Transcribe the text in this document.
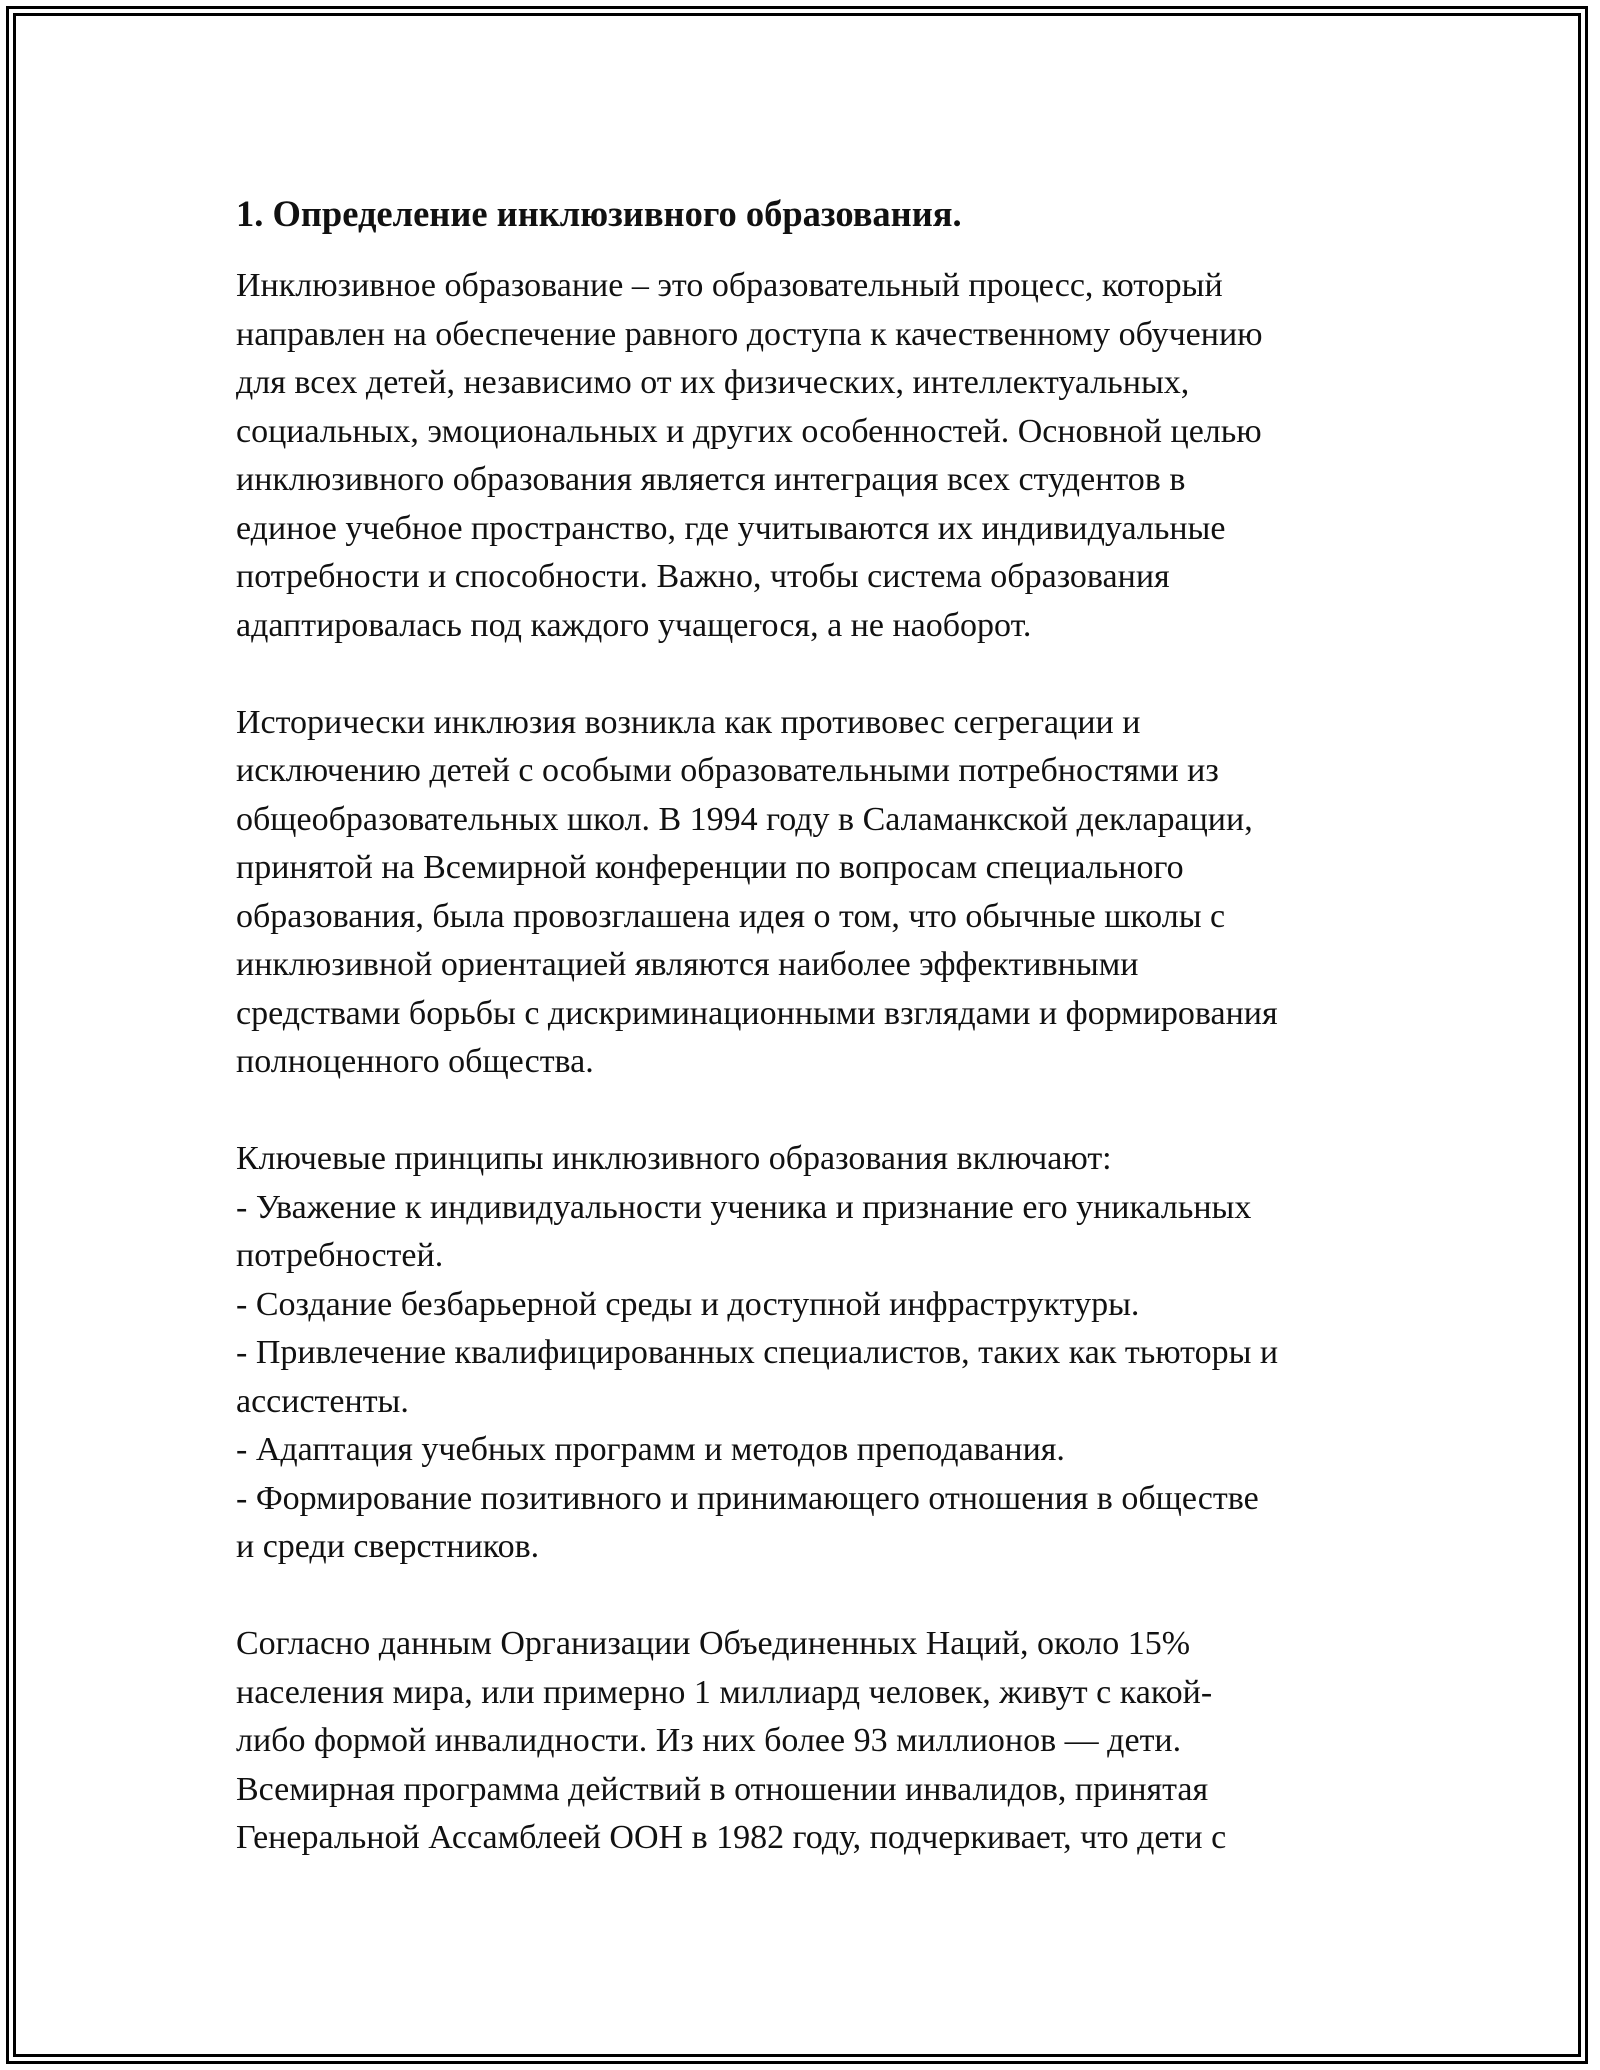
1. Определение инклюзивного образования.
Инклюзивное образование – это образовательный процесс, который
направлен на обеспечение равного доступа к качественному обучению
для всех детей, независимо от их физических, интеллектуальных,
социальных, эмоциональных и других особенностей. Основной целью
инклюзивного образования является интеграция всех студентов в
единое учебное пространство, где учитываются их индивидуальные
потребности и способности. Важно, чтобы система образования
адаптировалась под каждого учащегося, а не наоборот.
Исторически инклюзия возникла как противовес сегрегации и
исключению детей с особыми образовательными потребностями из
общеобразовательных школ. В 1994 году в Саламанкской декларации,
принятой на Всемирной конференции по вопросам специального
образования, была провозглашена идея о том, что обычные школы с
инклюзивной ориентацией являются наиболее эффективными
средствами борьбы с дискриминационными взглядами и формирования
полноценного общества.
Ключевые принципы инклюзивного образования включают:
- Уважение к индивидуальности ученика и признание его уникальных
потребностей.
- Создание безбарьерной среды и доступной инфраструктуры.
- Привлечение квалифицированных специалистов, таких как тьюторы и
ассистенты.
- Адаптация учебных программ и методов преподавания.
- Формирование позитивного и принимающего отношения в обществе
и среди сверстников.
Согласно данным Организации Объединенных Наций, около 15%
населения мира, или примерно 1 миллиард человек, живут с какой-
либо формой инвалидности. Из них более 93 миллионов — дети.
Всемирная программа действий в отношении инвалидов, принятая
Генеральной Ассамблеей ООН в 1982 году, подчеркивает, что дети с
